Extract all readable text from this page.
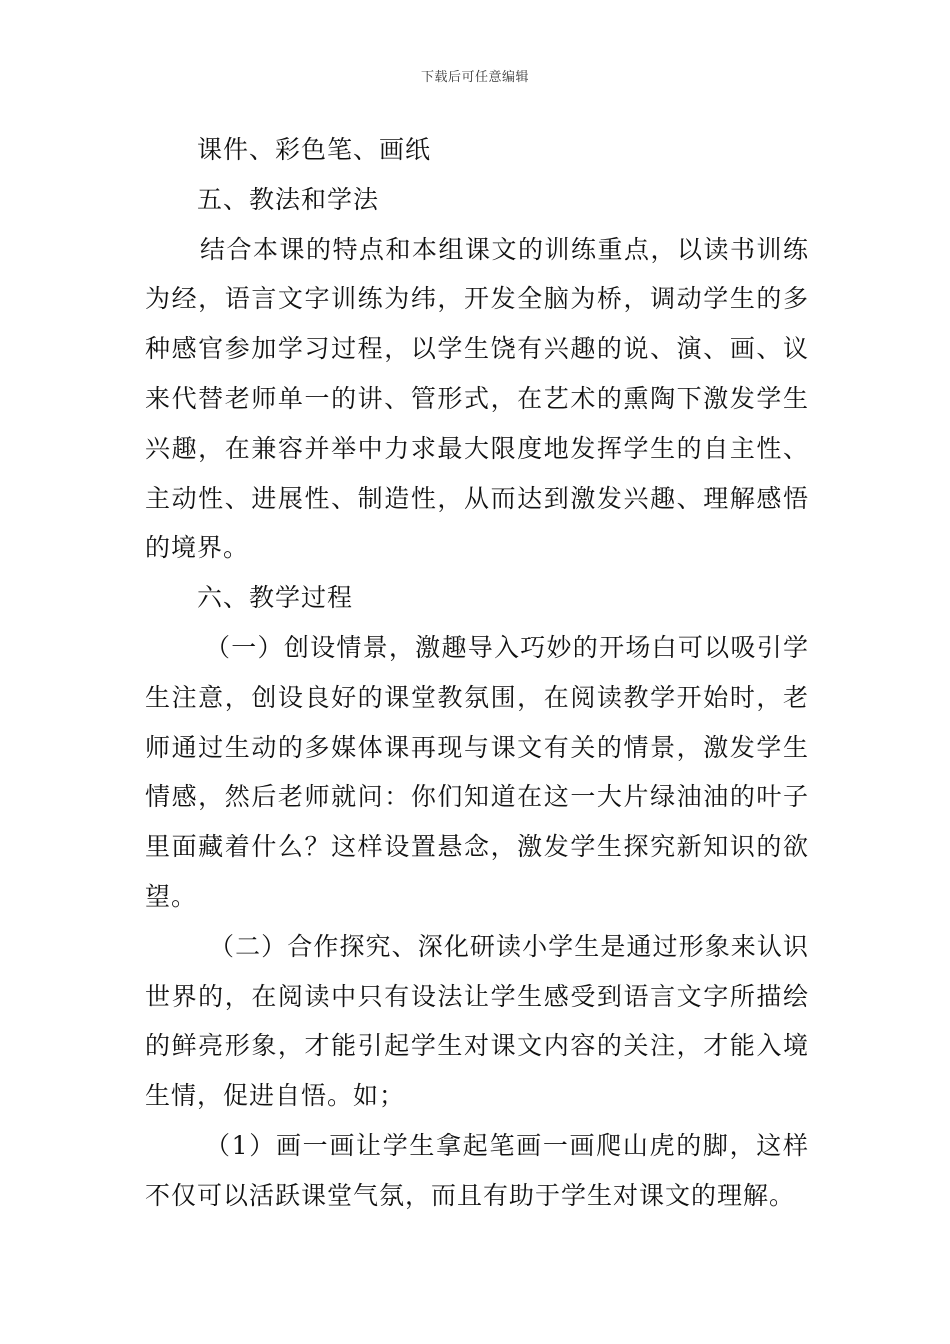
下载后可任意编辑

课件、彩色笔、画纸

五、教法和学法

结合本课的特点和本组课文的训练重点，以读书训练为经，语言文字训练为纬，开发全脑为桥，调动学生的多种感官参加学习过程，以学生饶有兴趣的说、演、画、议来代替老师单一的讲、管形式，在艺术的熏陶下激发学生兴趣，在兼容并举中力求最大限度地发挥学生的自主性、主动性、进展性、制造性，从而达到激发兴趣、理解感悟的境界。

六、教学过程

（一）创设情景，激趣导入巧妙的开场白可以吸引学生注意，创设良好的课堂教氛围，在阅读教学开始时，老师通过生动的多媒体课再现与课文有关的情景，激发学生情感，然后老师就问：你们知道在这一大片绿油油的叶子里面藏着什么？这样设置悬念，激发学生探究新知识的欲望。

（二）合作探究、深化研读小学生是通过形象来认识世界的，在阅读中只有设法让学生感受到语言文字所描绘的鲜亮形象，才能引起学生对课文内容的关注，才能入境生情，促进自悟。如；

（1）画一画让学生拿起笔画一画爬山虎的脚，这样不仅可以活跃课堂气氛，而且有助于学生对课文的理解。
